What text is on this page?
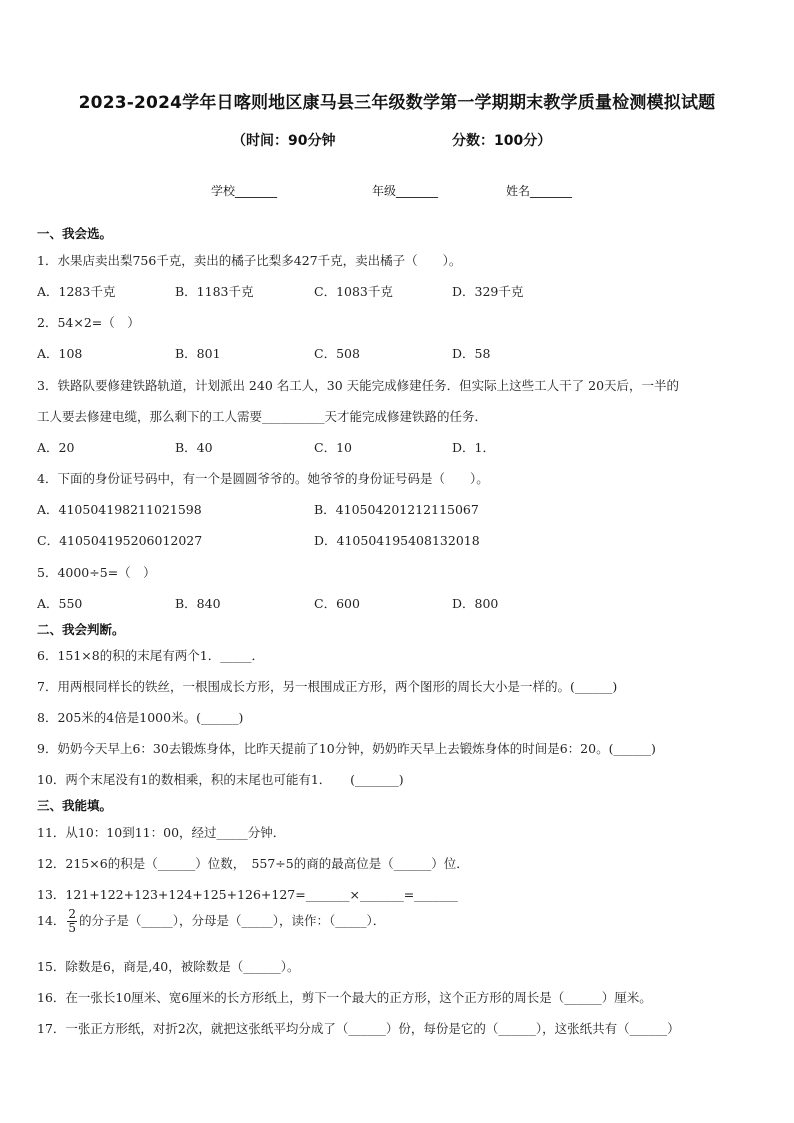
2023-2024学年日喀则地区康马县三年级数学第一学期期末教学质量检测模拟试题
（时间：90分钟	分数：100分）
学校_______	年级_______	姓名_______
一、我会选。
1．水果店卖出梨756千克，卖出的橘子比梨多427千克，卖出橘子（　　）。
A．1283千克	B．1183千克	C．1083千克	D．329千克
2．54×2=（　）
A．108	B．801	C．508	D．58
3．铁路队要修建铁路轨道，计划派出 240 名工人，30 天能完成修建任务．但实际上这些工人干了 20天后，一半的
工人要去修建电缆，那么剩下的工人需要__________天才能完成修建铁路的任务．
A．20	B．40	C．10	D．1．
4．下面的身份证号码中，有一个是圆圆爷爷的。她爷爷的身份证号码是（　　）。
A．410504198211021598	B．410504201212115067
C．410504195206012027	D．410504195408132018
5．4000÷5=（　）
A．550	B．840	C．600	D．800
二、我会判断。
6．151×8的积的末尾有两个1．_____．
7．用两根同样长的铁丝，一根围成长方形，另一根围成正方形，两个图形的周长大小是一样的。(______)
8．205米的4倍是1000米。(______)
9．奶奶今天早上6：30去锻炼身体，比昨天提前了10分钟，奶奶昨天早上去锻炼身体的时间是6：20。(______)
10．两个末尾没有1的数相乘，积的末尾也可能有1．　　(_______)
三、我能填。
11．从10：10到11：00，经过_____分钟．
12．215×6的积是（______）位数，　557÷5的商的最高位是（______）位．
13．121+122+123+124+125+126+127=_______×_______=_______
14． $\frac{2}{5}$ 的分子是（_____），分母是（_____），读作：（_____）．
15．除数是6，商是,40，被除数是（______）。
16．在一张长10厘米、宽6厘米的长方形纸上，剪下一个最大的正方形，这个正方形的周长是（______）厘米。
17．一张正方形纸，对折2次，就把这张纸平均分成了（______）份，每份是它的（______），这张纸共有（______）
